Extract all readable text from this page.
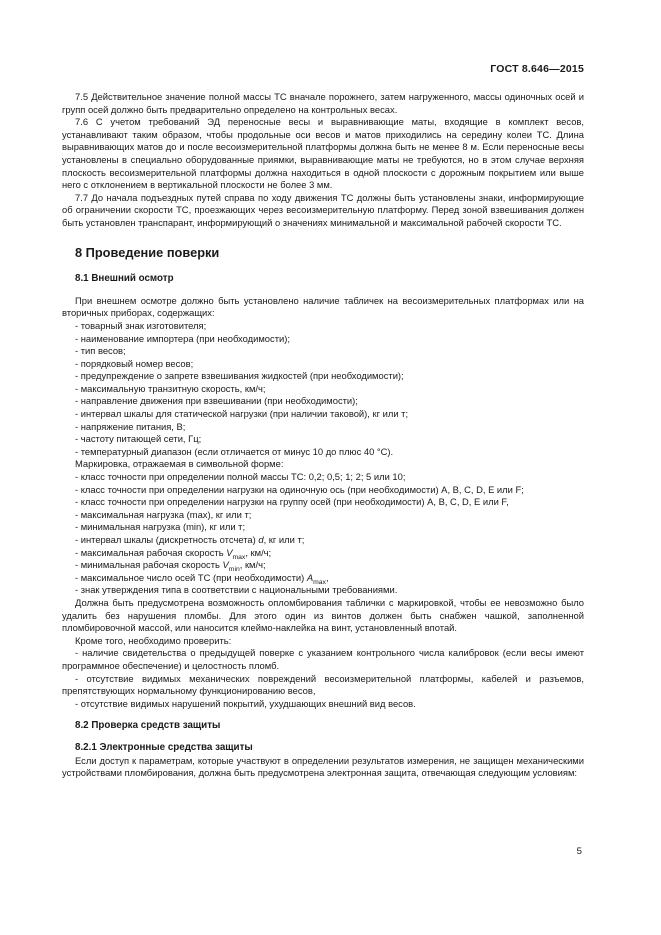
ГОСТ 8.646—2015

7.5 Действительное значение полной массы ТС вначале порожнего, затем нагруженного, массы одиночных осей и групп осей должно быть предварительно определено на контрольных весах.

7.6 С учетом требований ЭД переносные весы и выравнивающие маты, входящие в комплект весов, устанавливают таким образом, чтобы продольные оси весов и матов приходились на середину колеи ТС. Длина выравнивающих матов до и после весоизмерительной платформы должна быть не менее 8 м. Если переносные весы установлены в специально оборудованные приямки, выравнивающие маты не требуются, но в этом случае верхняя плоскость весоизмерительной платформы должна находиться в одной плоскости с дорожным покрытием или выше него с отклонением в вертикальной плоскости не более 3 мм.

7.7 До начала подъездных путей справа по ходу движения ТС должны быть установлены знаки, информирующие об ограничении скорости ТС, проезжающих через весоизмерительную платформу. Перед зоной взвешивания должен быть установлен транспарант, информирующий о значениях минимальной и максимальной рабочей скорости ТС.

8 Проведение поверки
8.1 Внешний осмотр

При внешнем осмотре должно быть установлено наличие табличек на весоизмерительных платформах или на вторичных приборах, содержащих:

- товарный знак изготовителя;

- наименование импортера (при необходимости);

- тип весов;

- порядковый номер весов;

- предупреждение о запрете взвешивания жидкостей (при необходимости);

- максимальную транзитную скорость, км/ч;

- направление движения при взвешивании (при необходимости);

- интервал шкалы для статической нагрузки (при наличии таковой), кг или т;

- напряжение питания, В;

- частоту питающей сети, Гц;

- температурный диапазон (если отличается от минус 10 до плюс 40 °С).

Маркировка, отражаемая в символьной форме:

- класс точности при определении полной массы ТС: 0,2; 0,5; 1; 2; 5 или 10;

- класс точности при определении нагрузки на одиночную ось (при необходимости) A, B, C, D, E или F;

- класс точности при определении нагрузки на группу осей (при необходимости) A, B, C, D, E или F,

- максимальная нагрузка (max), кг или т;

- минимальная нагрузка (min), кг или т;

- интервал шкалы (дискретность отсчета) d, кг или т;

- максимальная рабочая скорость $V_{max}$, км/ч;

- минимальная рабочая скорость $V_{min}$, км/ч;

- максимальное число осей ТС (при необходимости) $A_{max}$,

- знак утверждения типа в соответствии с национальными требованиями.

Должна быть предусмотрена возможность опломбирования таблички с маркировкой, чтобы ее невозможно было удалить без нарушения пломбы. Для этого один из винтов должен быть снабжен чашкой, заполненной пломбировочной массой, или наносится клеймо-наклейка на винт, установленный впотай.

Кроме того, необходимо проверить:

- наличие свидетельства о предыдущей поверке с указанием контрольного числа калибровок (если весы имеют программное обеспечение) и целостность пломб.

- отсутствие видимых механических повреждений весоизмерительной платформы, кабелей и разъемов, препятствующих нормальному функционированию весов,

- отсутствие видимых нарушений покрытий, ухудшающих внешний вид весов.

8.2 Проверка средств защиты
8.2.1 Электронные средства защиты

Если доступ к параметрам, которые участвуют в определении результатов измерения, не защищен механическими устройствами пломбирования, должна быть предусмотрена электронная защита, отвечающая следующим условиям:

5
